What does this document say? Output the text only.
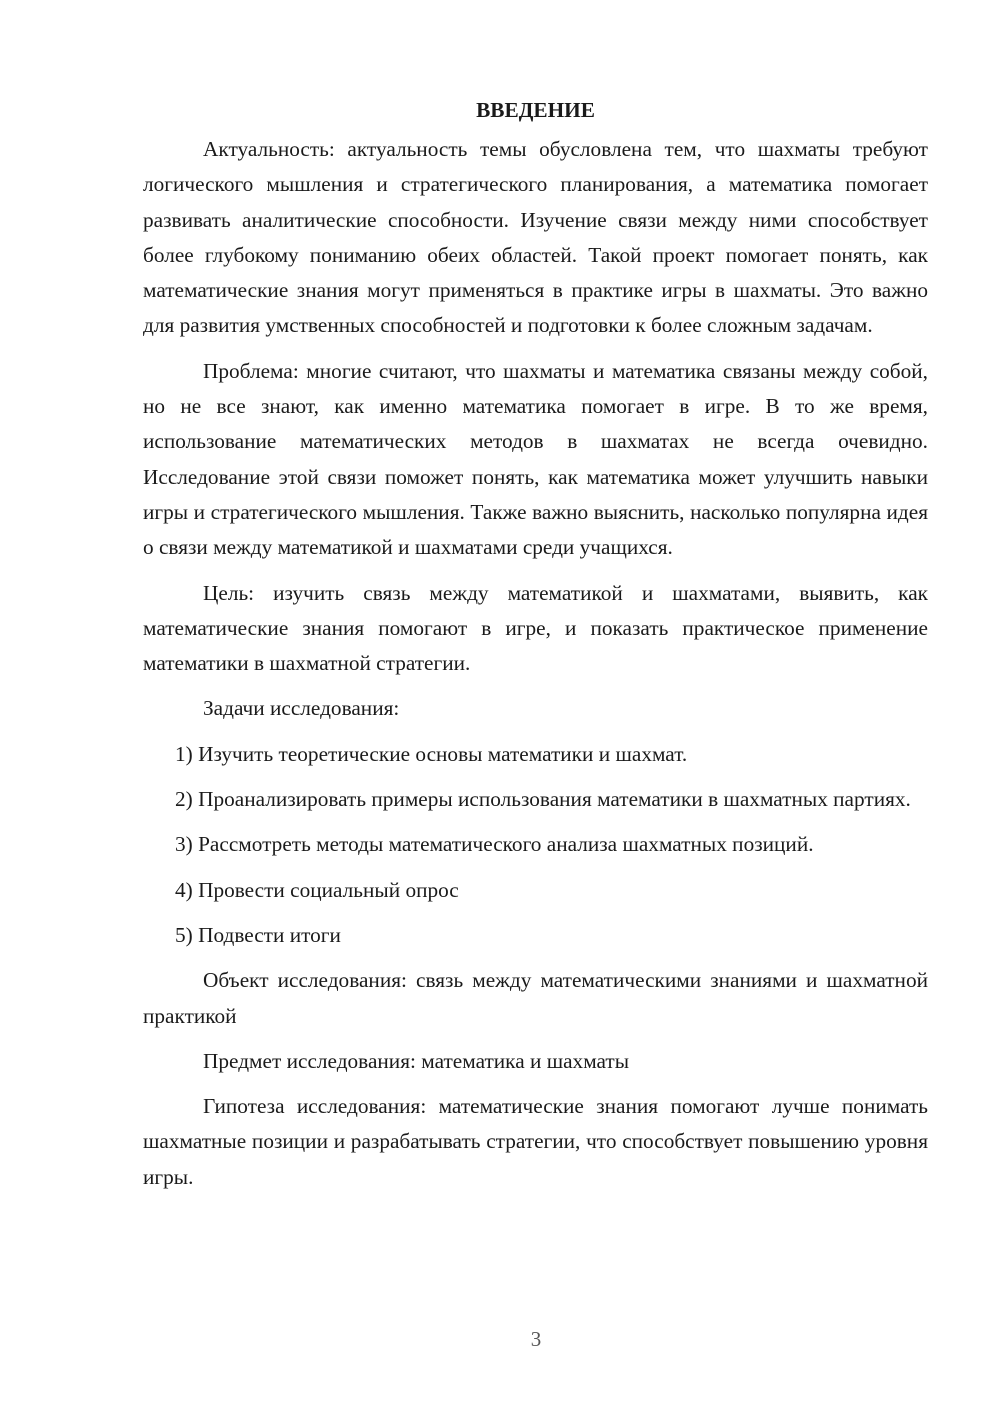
ВВЕДЕНИЕ

Актуальность: актуальность темы обусловлена тем, что шахматы требуют логического мышления и стратегического планирования, а математика помогает развивать аналитические способности. Изучение связи между ними способствует более глубокому пониманию обеих областей. Такой проект помогает понять, как математические знания могут применяться в практике игры в шахматы. Это важно для развития умственных способностей и подготовки к более сложным задачам.

Проблема: многие считают, что шахматы и математика связаны между собой, но не все знают, как именно математика помогает в игре. В то же время, использование математических методов в шахматах не всегда очевидно. Исследование этой связи поможет понять, как математика может улучшить навыки игры и стратегического мышления. Также важно выяснить, насколько популярна идея о связи между математикой и шахматами среди учащихся.

Цель: изучить связь между математикой и шахматами, выявить, как математические знания помогают в игре, и показать практическое применение математики в шахматной стратегии.

Задачи исследования:

1) Изучить теоретические основы математики и шахмат.

2) Проанализировать примеры использования математики в шахматных партиях.

3) Рассмотреть методы математического анализа шахматных позиций.

4) Провести социальный опрос

5) Подвести итоги

Объект исследования: связь между математическими знаниями и шахматной практикой

Предмет исследования: математика и шахматы

Гипотеза исследования: математические знания помогают лучше понимать шахматные позиции и разрабатывать стратегии, что способствует повышению уровня игры.

3
